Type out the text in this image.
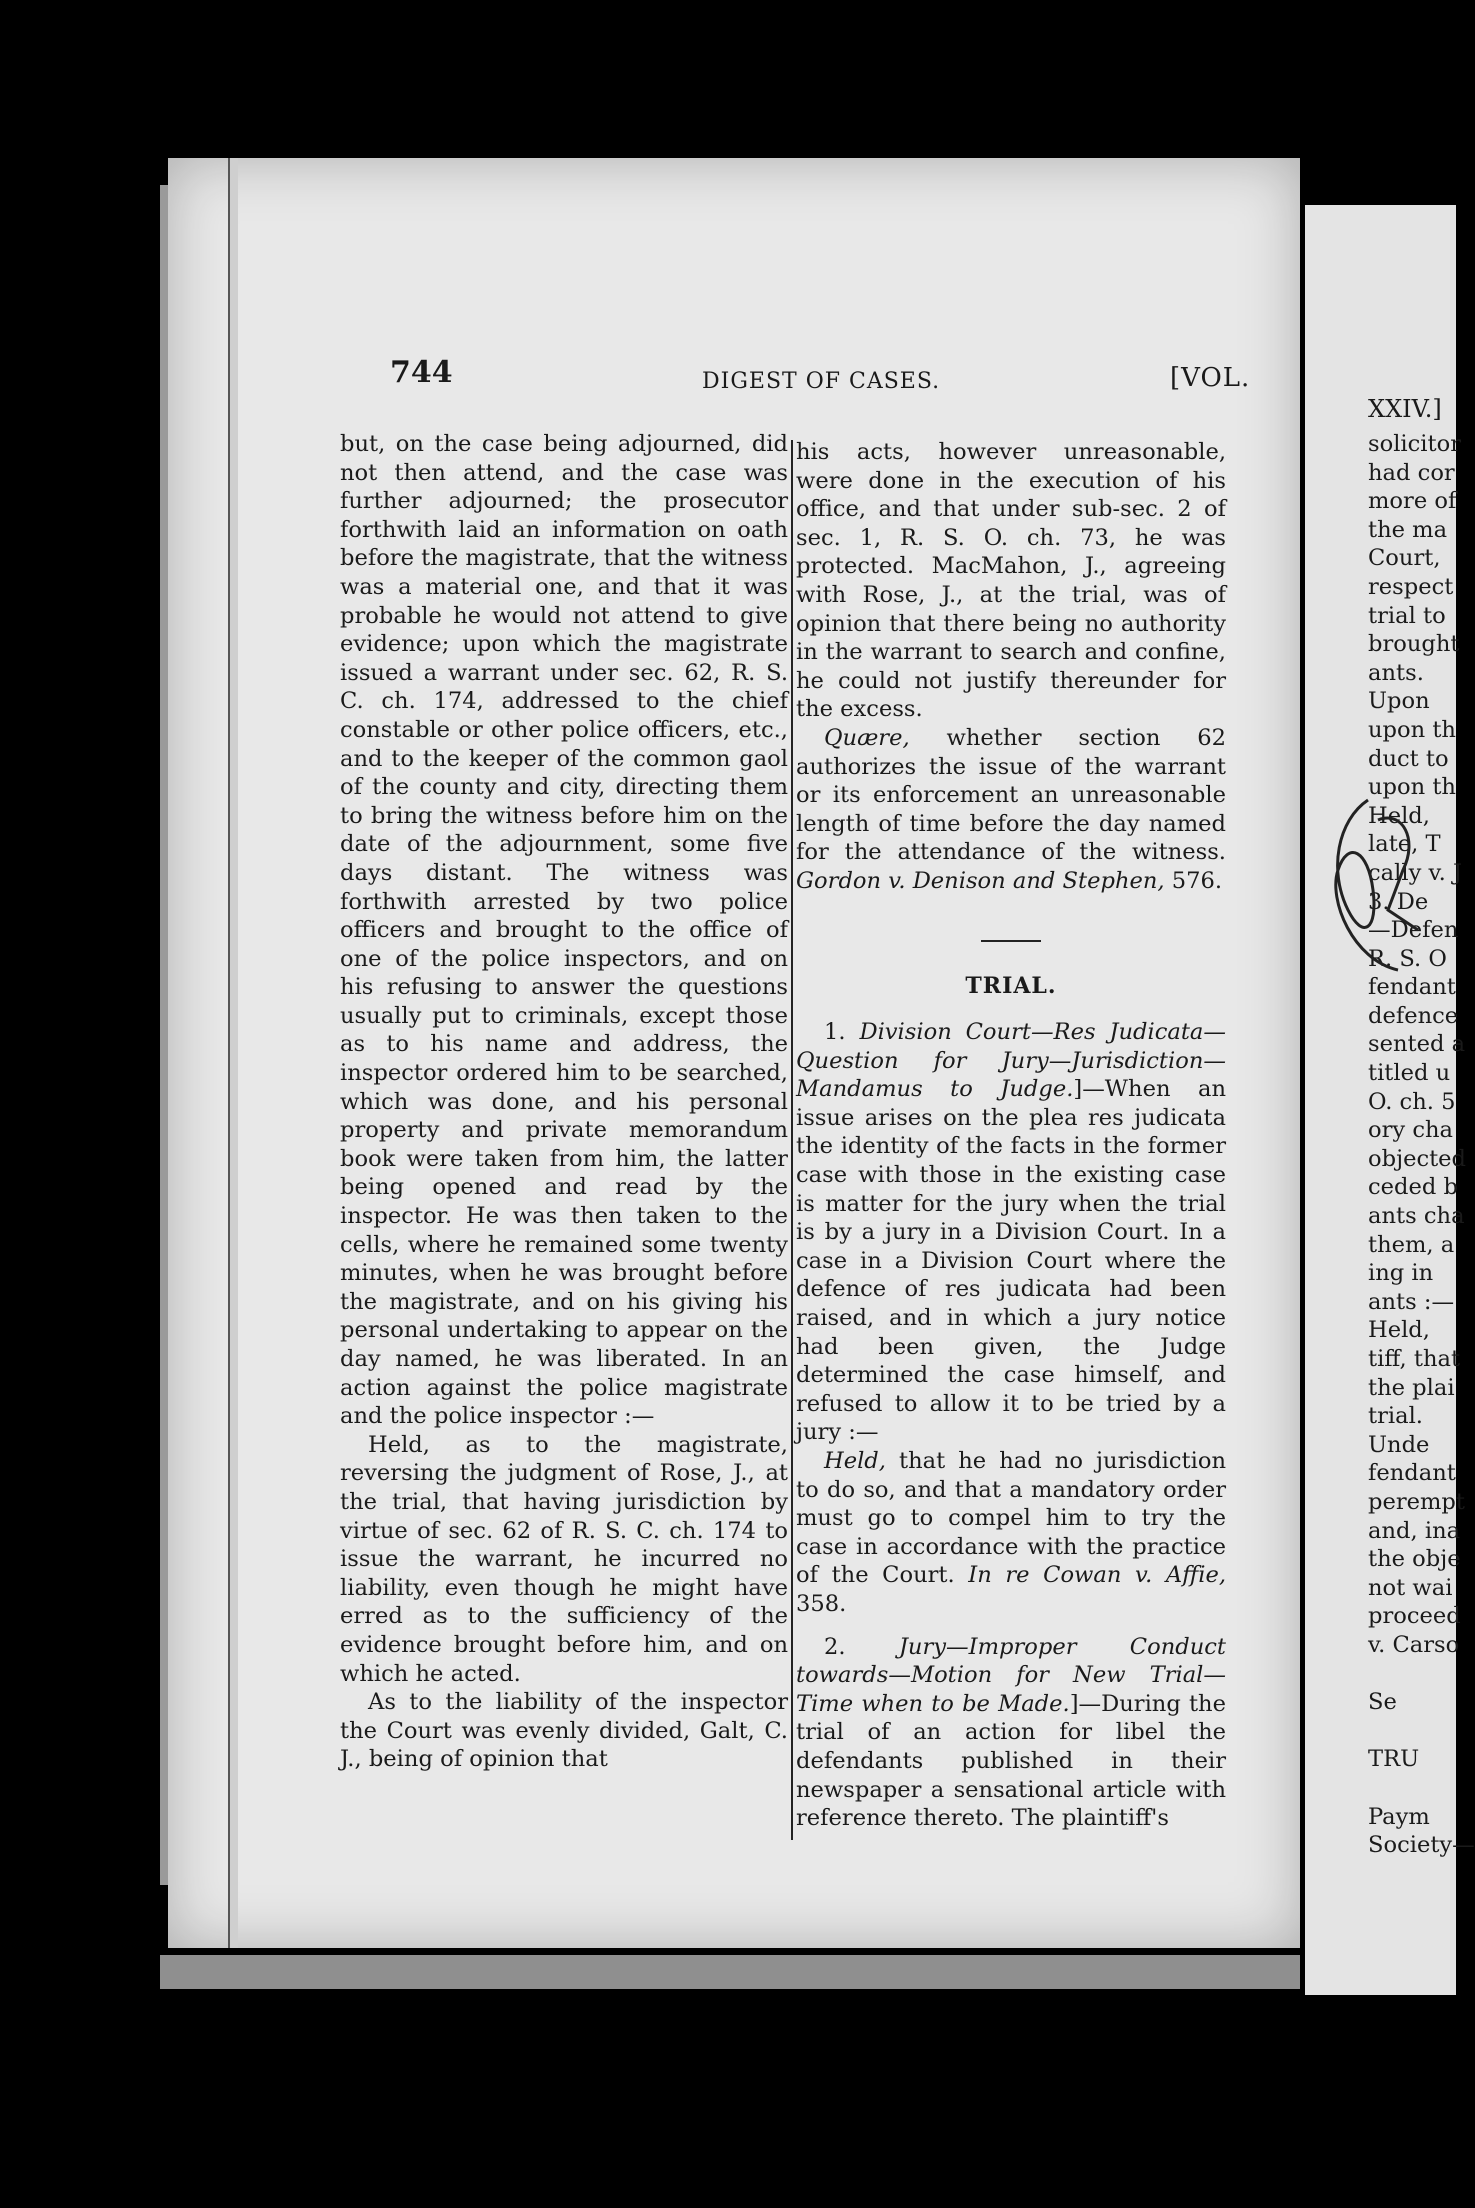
744	DIGEST OF CASES.	[VOL.

but, on the case being adjourned, did not then attend, and the case was further adjourned; the prosecutor forthwith laid an information on oath before the magistrate, that the witness was a material one, and that it was probable he would not attend to give evidence; upon which the magistrate issued a warrant under sec. 62, R. S. C. ch. 174, addressed to the chief constable or other police officers, etc., and to the keeper of the common gaol of the county and city, directing them to bring the witness before him on the date of the adjournment, some five days distant. The witness was forthwith arrested by two police officers and brought to the office of one of the police inspectors, and on his refusing to answer the questions usually put to criminals, except those as to his name and address, the inspector ordered him to be searched, which was done, and his personal property and private memorandum book were taken from him, the latter being opened and read by the inspector. He was then taken to the cells, where he remained some twenty minutes, when he was brought before the magistrate, and on his giving his personal undertaking to appear on the day named, he was liberated. In an action against the police magistrate and the police inspector :—

Held, as to the magistrate, reversing the judgment of Rose, J., at the trial, that having jurisdiction by virtue of sec. 62 of R. S. C. ch. 174 to issue the warrant, he incurred no liability, even though he might have erred as to the sufficiency of the evidence brought before him, and on which he acted.

As to the liability of the inspector the Court was evenly divided, Galt, C. J., being of opinion that

his acts, however unreasonable, were done in the execution of his office, and that under sub-sec. 2 of sec. 1, R. S. O. ch. 73, he was protected. MacMahon, J., agreeing with Rose, J., at the trial, was of opinion that there being no authority in the warrant to search and confine, he could not justify thereunder for the excess.

Quære, whether section 62 authorizes the issue of the warrant or its enforcement an unreasonable length of time before the day named for the attendance of the witness. Gordon v. Denison and Stephen, 576.

TRIAL.

1. Division Court—Res Judicata—Question for Jury—Jurisdiction—Mandamus to Judge.]—When an issue arises on the plea res judicata the identity of the facts in the former case with those in the existing case is matter for the jury when the trial is by a jury in a Division Court. In a case in a Division Court where the defence of res judicata had been raised, and in which a jury notice had been given, the Judge determined the case himself, and refused to allow it to be tried by a jury :—

Held, that he had no jurisdiction to do so, and that a mandatory order must go to compel him to try the case in accordance with the practice of the Court. In re Cowan v. Affie, 358.

2. Jury—Improper Conduct towards—Motion for New Trial—Time when to be Made.]—During the trial of an action for libel the defendants published in their newspaper a sensational article with reference thereto. The plaintiff's

XXIV.]
solicitor
had cor
more of
the ma
Court,
respect
trial to
brought
ants.
Upon
upon th
duct to
upon th
Held,
late, T
cally v. J
3. De
—Defen
R. S. O
fendant
defence
sented a
titled u
O. ch. 5
ory cha
objected
ceded b
ants cha
them, a
ing in
ants :—
Held,
tiff, that
the plai
trial.
Unde
fendant
perempt
and, ina
the obje
not wai
proceed
v. Carso
Se
TRU
Paym
Society—
